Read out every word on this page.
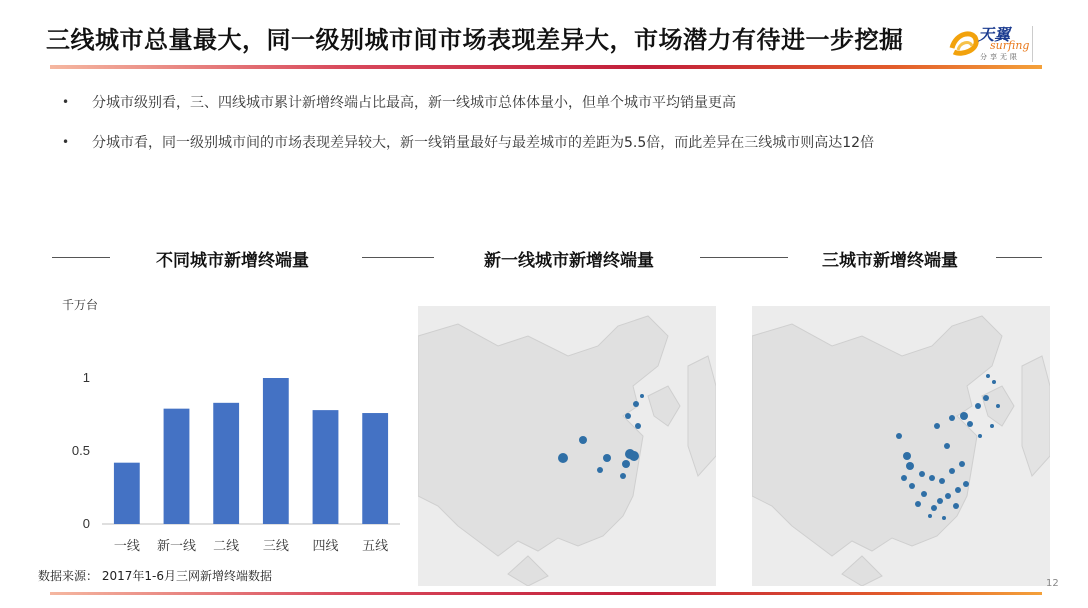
三线城市总量最大，同一级别城市间市场表现差异大，市场潜力有待进一步挖掘	天翼
surfing
分享无限
•	分城市级别看，三、四线城市累计新增终端占比最高，新一线城市总体体量小，但单个城市平均销量更高
•	分城市看，同一级别城市间的市场表现差异较大，新一线销量最好与最差城市的差距为5.5倍，而此差异在三线城市则高达12倍
不同城市新增终端量	新一线城市新增终端量	三城市新增终端量
千万台
0
0.5
1
一线 新一线 二线 三线 四线 五线
数据来源： 2017年1-6月三网新增终端数据
12
